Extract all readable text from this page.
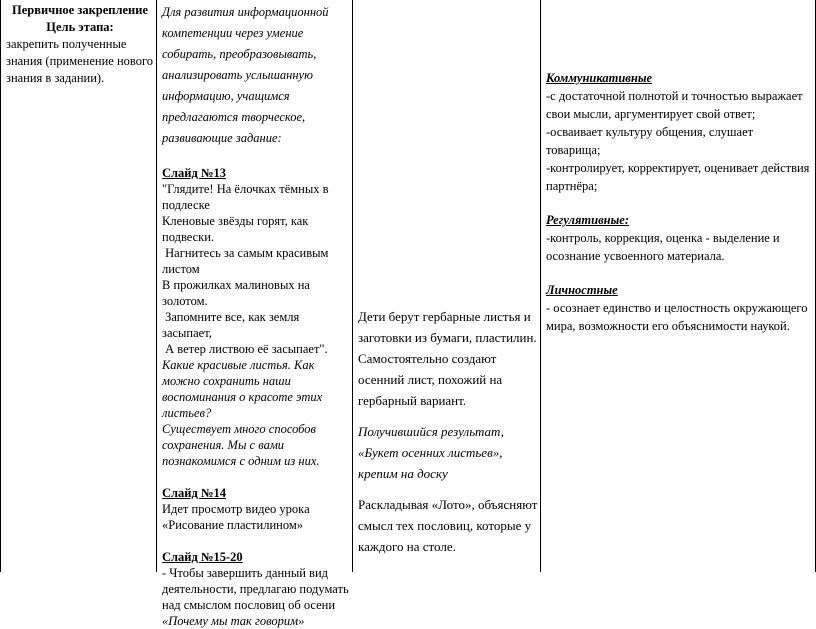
Первичное закрепление

Цель этапа:

закрепить полученные знания (применение нового знания в задании).

Для развития информационной компетенции через умение собирать, преобразовывать, анализировать услышанную информацию, учащимся предлагаются творческое, развивающие задание:

Слайд №13

"Глядите! На ёлочках тёмных в подлеске

Кленовые звёзды горят, как подвески.

Нагнитесь за самым красивым листом

В прожилках малиновых на золотом.

Запомните все, как земля засыпает,

А ветер листвою её засыпает".

Какие красивые листья. Как можно сохранить наши воспоминания о красоте этих листьев?

Существует много способов сохранения. Мы с вами познакомимся с одним из них.

Слайд №14

Идет просмотр видео урока «Рисование пластилином»

Слайд №15-20

- Чтобы завершить данный вид деятельности, предлагаю подумать над смыслом пословиц об осени

«Почему мы так говорим»

Дети берут гербарные листья и заготовки из бумаги, пластилин.

Самостоятельно создают осенний лист, похожий на гербарный вариант.

Получившийся результат, «Букет осенних листьев», крепим на доску

Раскладывая «Лото», объясняют смысл тех пословиц, которые у каждого на столе.

Коммуникативные

-с достаточной полнотой и точностью выражает свои мысли, аргументирует свой ответ;

-осваивает культуру общения, слушает товарища;

-контролирует, корректирует, оценивает действия партнёра;

Регулятивные:

-контроль, коррекция, оценка - выделение и осознание усвоенного материала.

Личностные

- осознает единство и целостность окружающего мира, возможности его объяснимости наукой.
